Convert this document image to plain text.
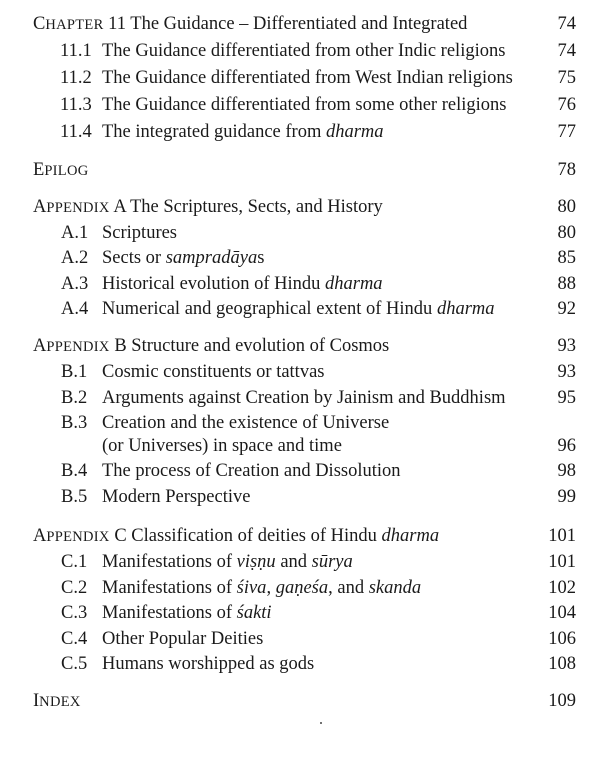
CHAPTER 11 The Guidance – Differentiated and Integrated	74
11.1 The Guidance differentiated from other Indic religions	74
11.2 The Guidance differentiated from West Indian religions 75
11.3 The Guidance differentiated from some other religions	76
11.4 The integrated guidance from dharma	77
EPILOG	78
APPENDIX A The Scriptures, Sects, and History	80
A.1 Scriptures	80
A.2 Sects or sampradāyas	85
A.3 Historical evolution of Hindu dharma	88
A.4 Numerical and geographical extent of Hindu dharma	92
APPENDIX B Structure and evolution of Cosmos	93
B.1 Cosmic constituents or tattvas	93
B.2 Arguments against Creation by Jainism and Buddhism	95
B.3 Creation and the existence of Universe
(or Universes) in space and time	96
B.4 The process of Creation and Dissolution	98
B.5 Modern Perspective	99
APPENDIX C Classification of deities of Hindu dharma	101
C.1 Manifestations of viṣṇu and sūrya	101
C.2 Manifestations of śiva, gaṇeśa, and skanda	102
C.3 Manifestations of śakti	104
C.4 Other Popular Deities	106
C.5 Humans worshipped as gods	108
INDEX	109
